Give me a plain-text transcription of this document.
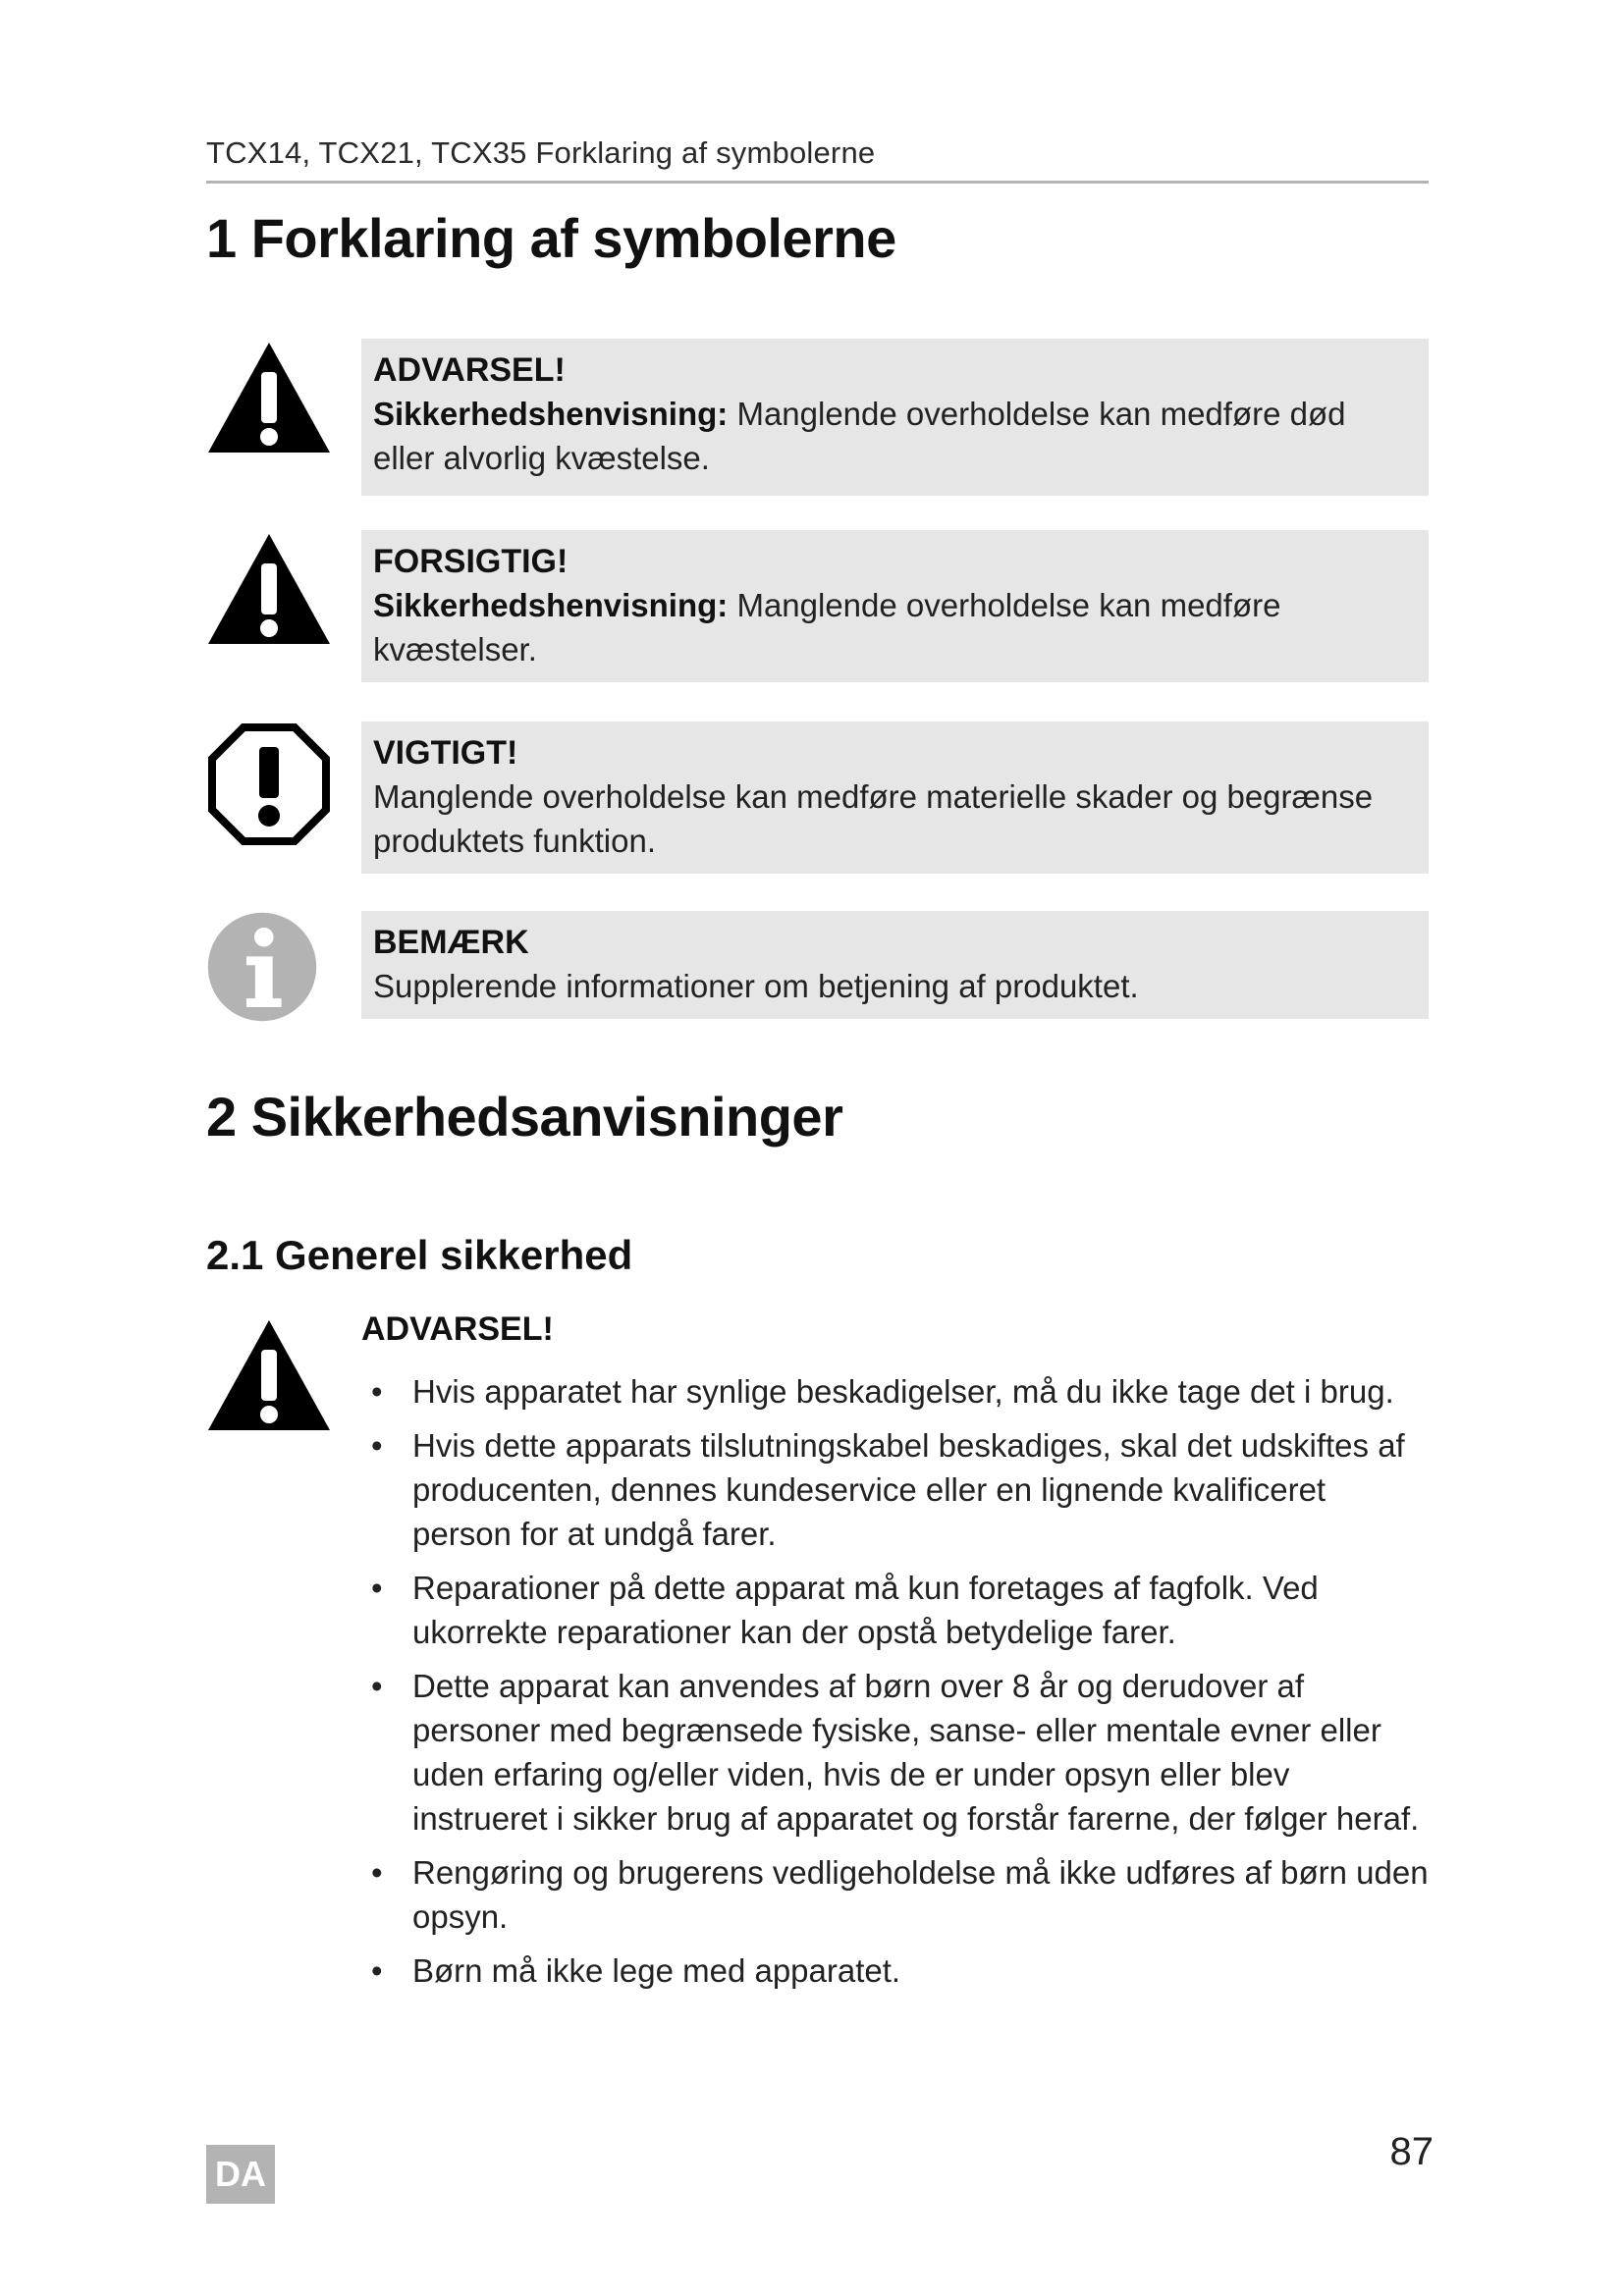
TCX14, TCX21, TCX35 Forklaring af symbolerne
1 Forklaring af symbolerne
ADVARSEL!
Sikkerhedshenvisning: Manglende overholdelse kan medføre død eller alvorlig kvæstelse.
FORSIGTIG!
Sikkerhedshenvisning: Manglende overholdelse kan medføre kvæstelser.
VIGTIGT!
Manglende overholdelse kan medføre materielle skader og begrænse produktets funktion.
BEMÆRK
Supplerende informationer om betjening af produktet.
2 Sikkerhedsanvisninger
2.1 Generel sikkerhed
ADVARSEL!
• Hvis apparatet har synlige beskadigelser, må du ikke tage det i brug.
• Hvis dette apparats tilslutningskabel beskadiges, skal det udskiftes af producenten, dennes kundeservice eller en lignende kvalificeret person for at undgå farer.
• Reparationer på dette apparat må kun foretages af fagfolk. Ved ukorrekte reparationer kan der opstå betydelige farer.
• Dette apparat kan anvendes af børn over 8 år og derudover af personer med begrænsede fysiske, sanse- eller mentale evner eller uden erfaring og/eller viden, hvis de er under opsyn eller blev instrueret i sikker brug af apparatet og forstår farerne, der følger heraf.
• Rengøring og brugerens vedligeholdelse må ikke udføres af børn uden opsyn.
• Børn må ikke lege med apparatet.
DA
87
